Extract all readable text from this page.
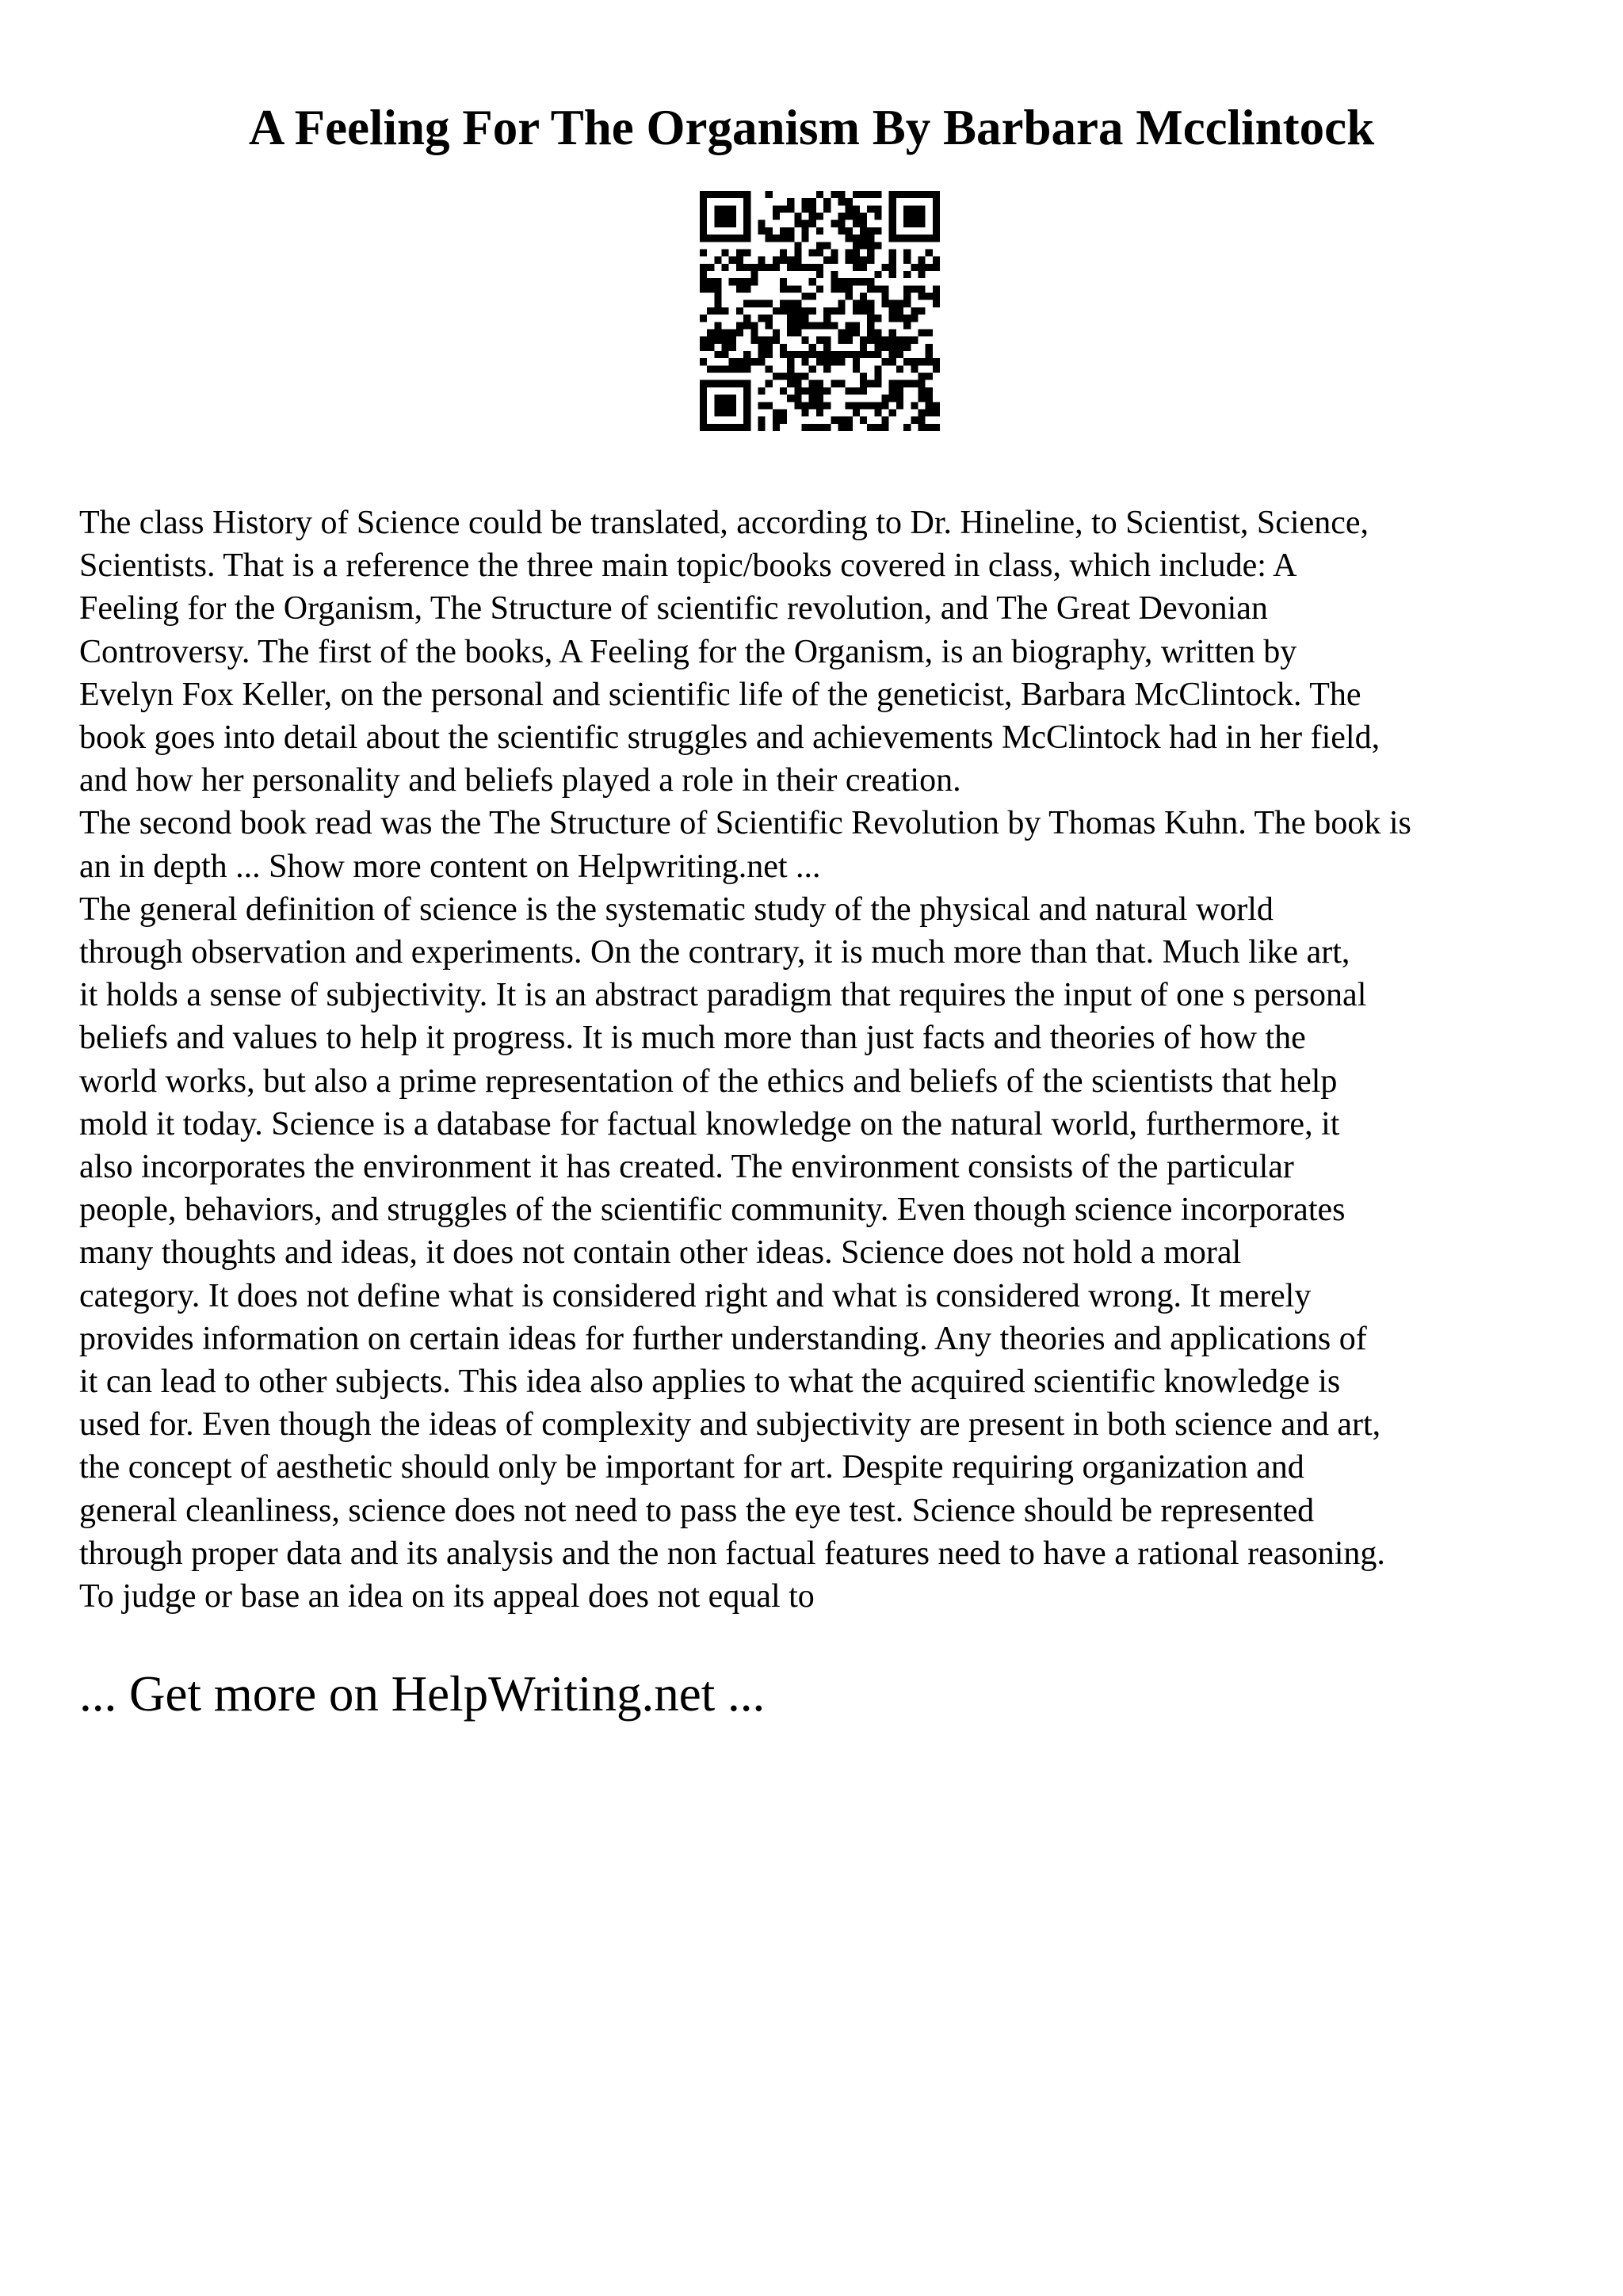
A Feeling For The Organism By Barbara Mcclintock

The class History of Science could be translated, according to Dr. Hineline, to Scientist, Science,

Scientists. That is a reference the three main topic/books covered in class, which include: A

Feeling for the Organism, The Structure of scientific revolution, and The Great Devonian

Controversy. The first of the books, A Feeling for the Organism, is an biography, written by

Evelyn Fox Keller, on the personal and scientific life of the geneticist, Barbara McClintock. The

book goes into detail about the scientific struggles and achievements McClintock had in her field,

and how her personality and beliefs played a role in their creation.

The second book read was the The Structure of Scientific Revolution by Thomas Kuhn. The book is

an in depth ... Show more content on Helpwriting.net ...

The general definition of science is the systematic study of the physical and natural world

through observation and experiments. On the contrary, it is much more than that. Much like art,

it holds a sense of subjectivity. It is an abstract paradigm that requires the input of one s personal

beliefs and values to help it progress. It is much more than just facts and theories of how the

world works, but also a prime representation of the ethics and beliefs of the scientists that help

mold it today. Science is a database for factual knowledge on the natural world, furthermore, it

also incorporates the environment it has created. The environment consists of the particular

people, behaviors, and struggles of the scientific community. Even though science incorporates

many thoughts and ideas, it does not contain other ideas. Science does not hold a moral

category. It does not define what is considered right and what is considered wrong. It merely

provides information on certain ideas for further understanding. Any theories and applications of

it can lead to other subjects. This idea also applies to what the acquired scientific knowledge is

used for. Even though the ideas of complexity and subjectivity are present in both science and art,

the concept of aesthetic should only be important for art. Despite requiring organization and

general cleanliness, science does not need to pass the eye test. Science should be represented

through proper data and its analysis and the non factual features need to have a rational reasoning.

To judge or base an idea on its appeal does not equal to

... Get more on HelpWriting.net ...
